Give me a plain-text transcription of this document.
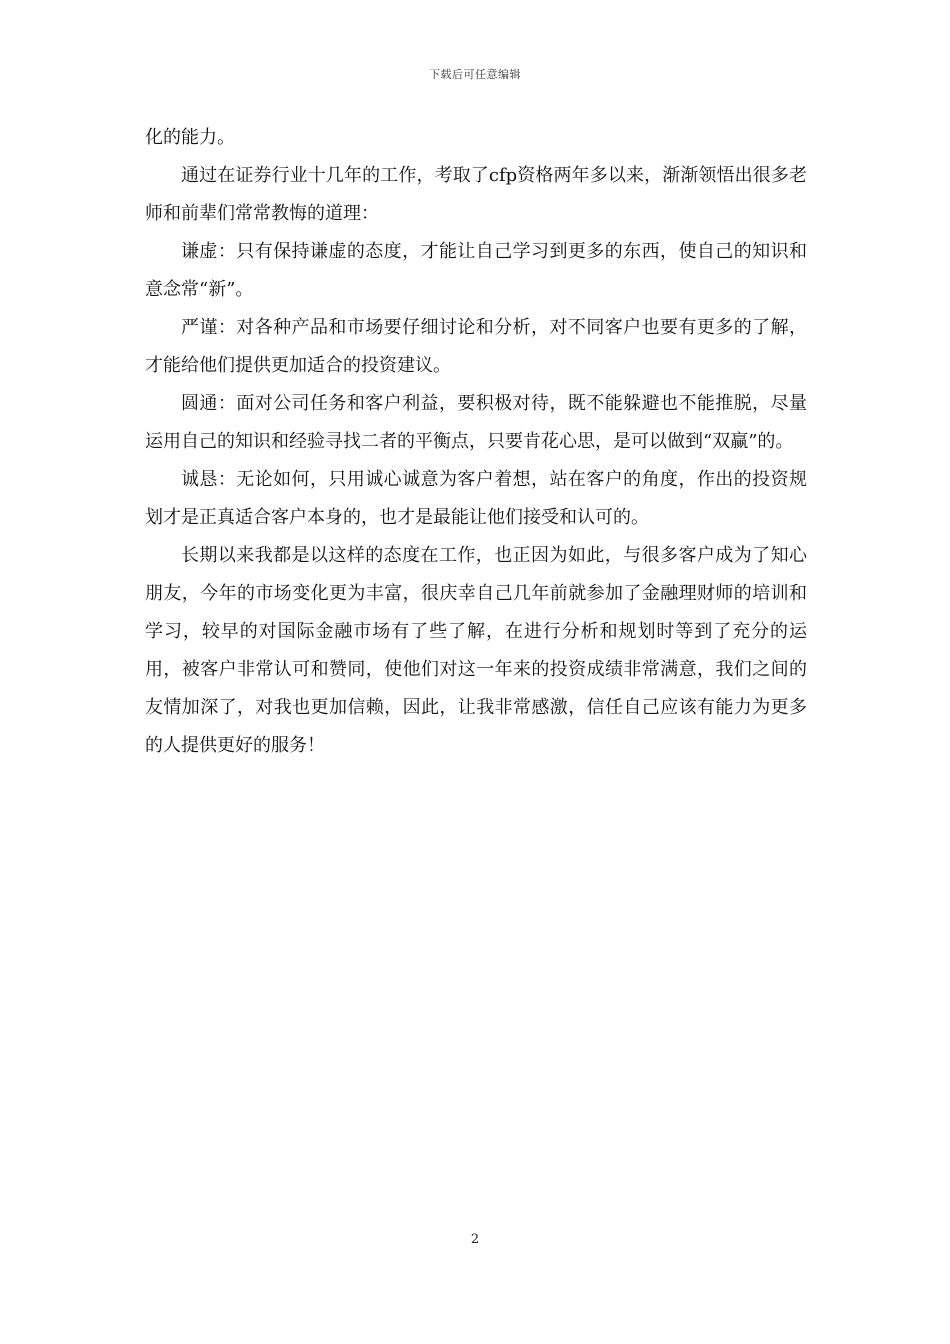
下载后可任意编辑

化的能力。

通过在证券行业十几年的工作，考取了cfp资格两年多以来，渐渐领悟出很多老师和前辈们常常教悔的道理：

谦虚：只有保持谦虚的态度，才能让自己学习到更多的东西，使自己的知识和意念常“新”。

严谨：对各种产品和市场要仔细讨论和分析，对不同客户也要有更多的了解，才能给他们提供更加适合的投资建议。

圆通：面对公司任务和客户利益，要积极对待，既不能躲避也不能推脱，尽量运用自己的知识和经验寻找二者的平衡点，只要肯花心思，是可以做到“双赢”的。

诚恳：无论如何，只用诚心诚意为客户着想，站在客户的角度，作出的投资规划才是正真适合客户本身的，也才是最能让他们接受和认可的。

长期以来我都是以这样的态度在工作，也正因为如此，与很多客户成为了知心朋友，今年的市场变化更为丰富，很庆幸自己几年前就参加了金融理财师的培训和学习，较早的对国际金融市场有了些了解，在进行分析和规划时等到了充分的运用，被客户非常认可和赞同，使他们对这一年来的投资成绩非常满意，我们之间的友情加深了，对我也更加信赖，因此，让我非常感激，信任自己应该有能力为更多的人提供更好的服务！

2
